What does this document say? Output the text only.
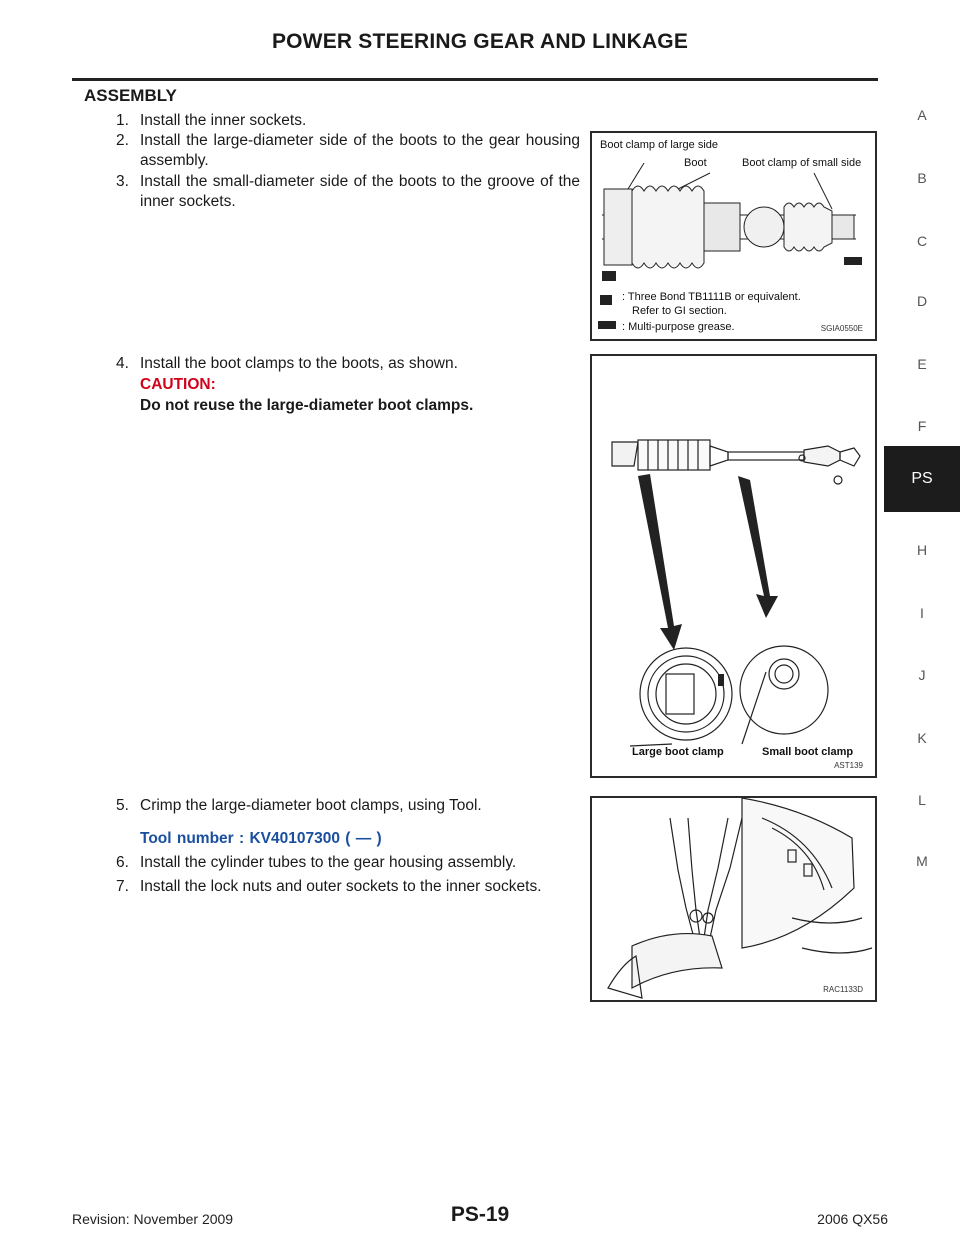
POWER STEERING GEAR AND LINKAGE
ASSEMBLY
1. Install the inner sockets.
2. Install the large-diameter side of the boots to the gear housing assembly.
3. Install the small-diameter side of the boots to the groove of the inner sockets.
4. Install the boot clamps to the boots, as shown.
CAUTION:
Do not reuse the large-diameter boot clamps.
5. Crimp the large-diameter boot clamps, using Tool.
Tool number : KV40107300 ( — )
6. Install the cylinder tubes to the gear housing assembly.
7. Install the lock nuts and outer sockets to the inner sockets.
Boot clamp of large side
Boot	Boot clamp of small side
: Three Bond TB1111B or equivalent.
Refer to GI section.
: Multi-purpose grease.	SGIA0550E
Large boot clamp	Small boot clamp
AST139
RAC1133D
A
B
C
D
E
F
PS
H
I
J
K
L
M
Revision: November 2009	PS-19	2006 QX56
